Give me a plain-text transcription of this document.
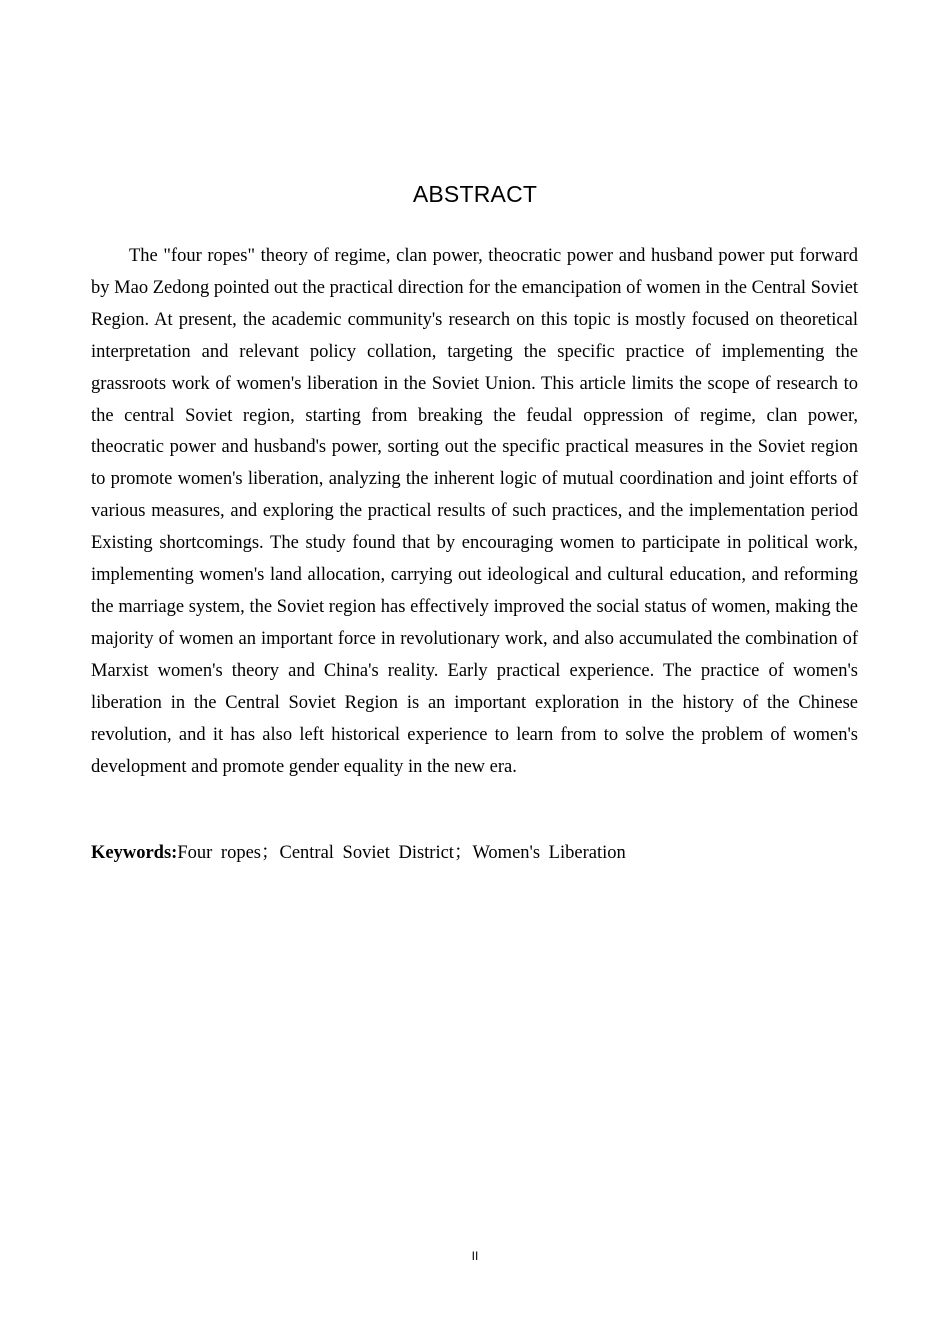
ABSTRACT

The "four ropes" theory of regime, clan power, theocratic power and husband power put forward by Mao Zedong pointed out the practical direction for the emancipation of women in the Central Soviet Region. At present, the academic community's research on this topic is mostly focused on theoretical interpretation and relevant policy collation, targeting the specific practice of implementing the grassroots work of women's liberation in the Soviet Union. This article limits the scope of research to the central Soviet region, starting from breaking the feudal oppression of regime, clan power, theocratic power and husband's power, sorting out the specific practical measures in the Soviet region to promote women's liberation, analyzing the inherent logic of mutual coordination and joint efforts of various measures, and exploring the practical results of such practices, and the implementation period Existing shortcomings. The study found that by encouraging women to participate in political work, implementing women's land allocation, carrying out ideological and cultural education, and reforming the marriage system, the Soviet region has effectively improved the social status of women, making the majority of women an important force in revolutionary work, and also accumulated the combination of Marxist women's theory and China's reality. Early practical experience. The practice of women's liberation in the Central Soviet Region is an important exploration in the history of the Chinese revolution, and it has also left historical experience to learn from to solve the problem of women's development and promote gender equality in the new era.

Keywords:Four ropes；Central Soviet District；Women's Liberation

II
